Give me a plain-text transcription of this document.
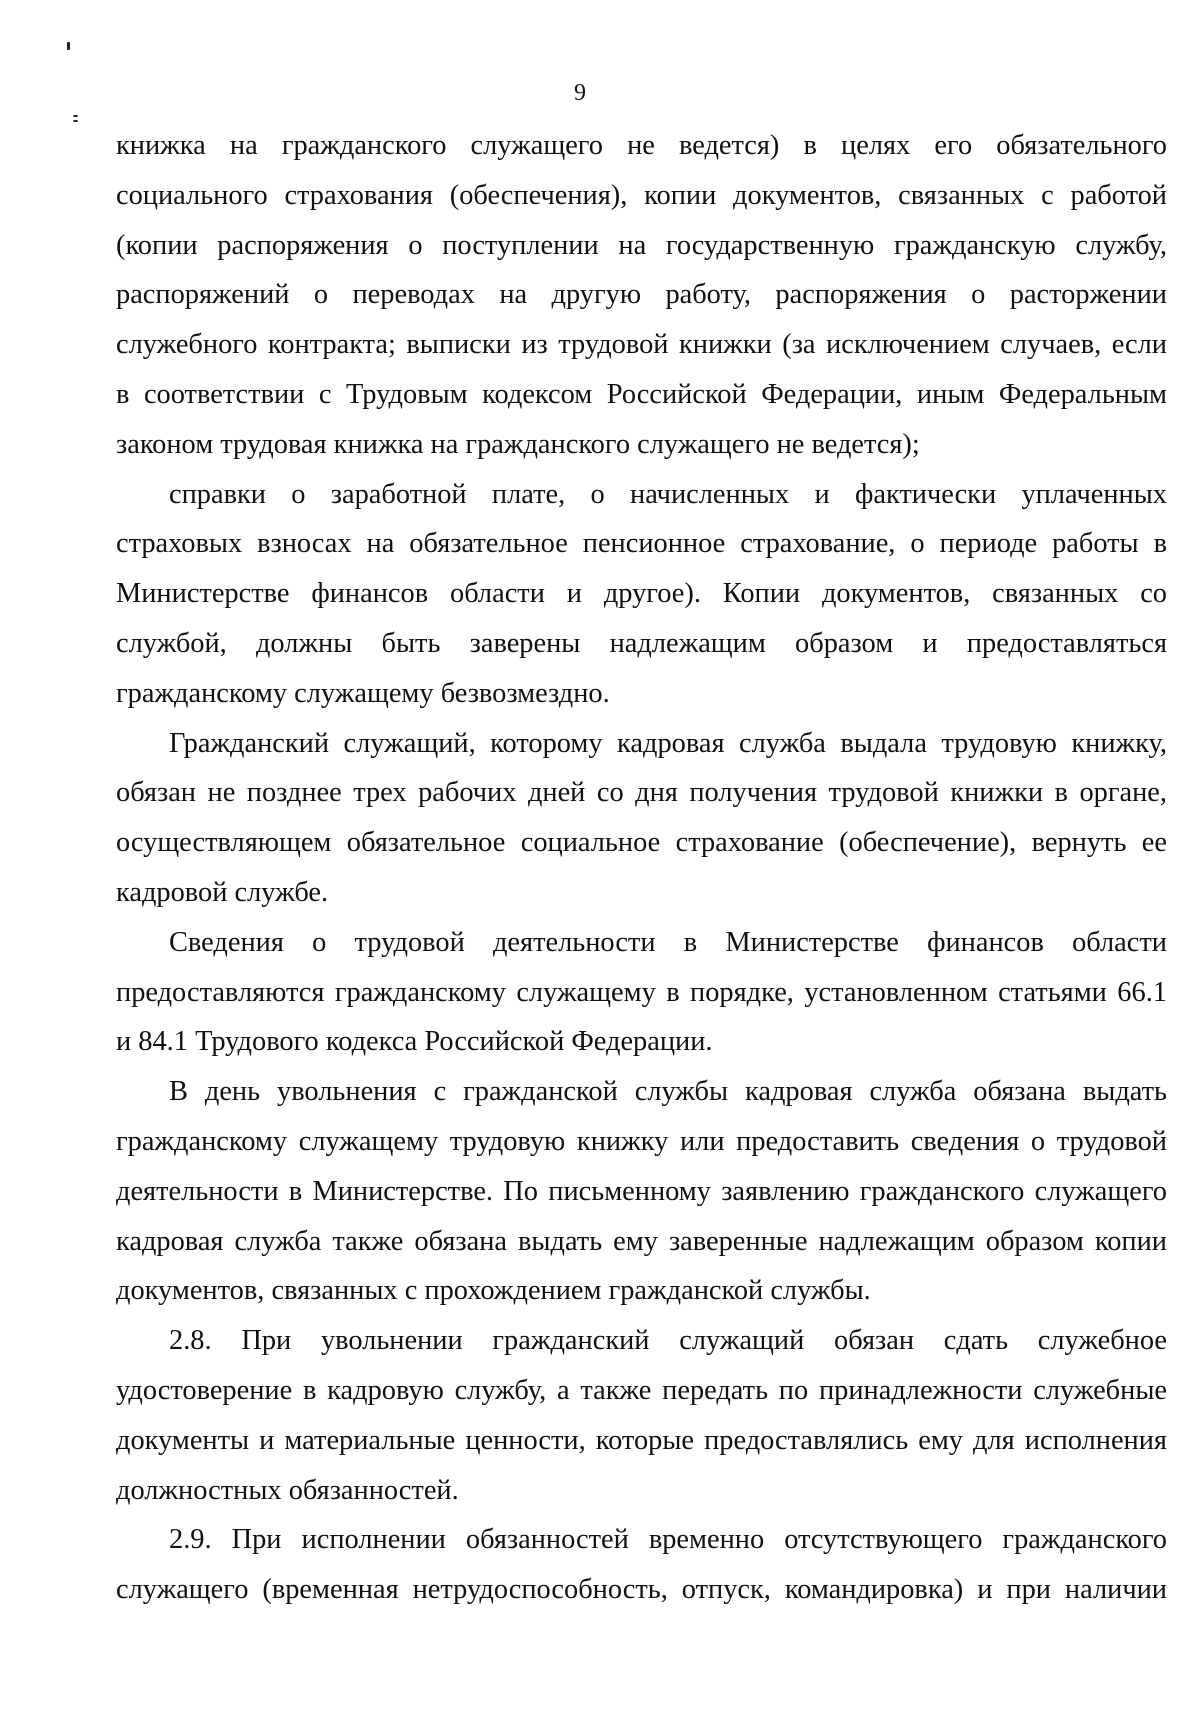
9
книжка на гражданского служащего не ведется) в целях его обязательного
социального страхования (обеспечения), копии документов, связанных с работой
(копии распоряжения о поступлении на государственную гражданскую службу,
распоряжений о переводах на другую работу, распоряжения о расторжении
служебного контракта; выписки из трудовой книжки (за исключением случаев, если
в соответствии с Трудовым кодексом Российской Федерации, иным Федеральным
законом трудовая книжка на гражданского служащего не ведется);
справки о заработной плате, о начисленных и фактически уплаченных
страховых взносах на обязательное пенсионное страхование, о периоде работы в
Министерстве финансов области и другое). Копии документов, связанных со
службой, должны быть заверены надлежащим образом и предоставляться
гражданскому служащему безвозмездно.
Гражданский служащий, которому кадровая служба выдала трудовую книжку,
обязан не позднее трех рабочих дней со дня получения трудовой книжки в органе,
осуществляющем обязательное социальное страхование (обеспечение), вернуть ее
кадровой службе.
Сведения о трудовой деятельности в Министерстве финансов области
предоставляются гражданскому служащему в порядке, установленном статьями 66.1
и 84.1 Трудового кодекса Российской Федерации.
В день увольнения с гражданской службы кадровая служба обязана выдать
гражданскому служащему трудовую книжку или предоставить сведения о трудовой
деятельности в Министерстве. По письменному заявлению гражданского служащего
кадровая служба также обязана выдать ему заверенные надлежащим образом копии
документов, связанных с прохождением гражданской службы.
2.8. При увольнении гражданский служащий обязан сдать служебное
удостоверение в кадровую службу, а также передать по принадлежности служебные
документы и материальные ценности, которые предоставлялись ему для исполнения
должностных обязанностей.
2.9. При исполнении обязанностей временно отсутствующего гражданского
служащего (временная нетрудоспособность, отпуск, командировка) и при наличии
